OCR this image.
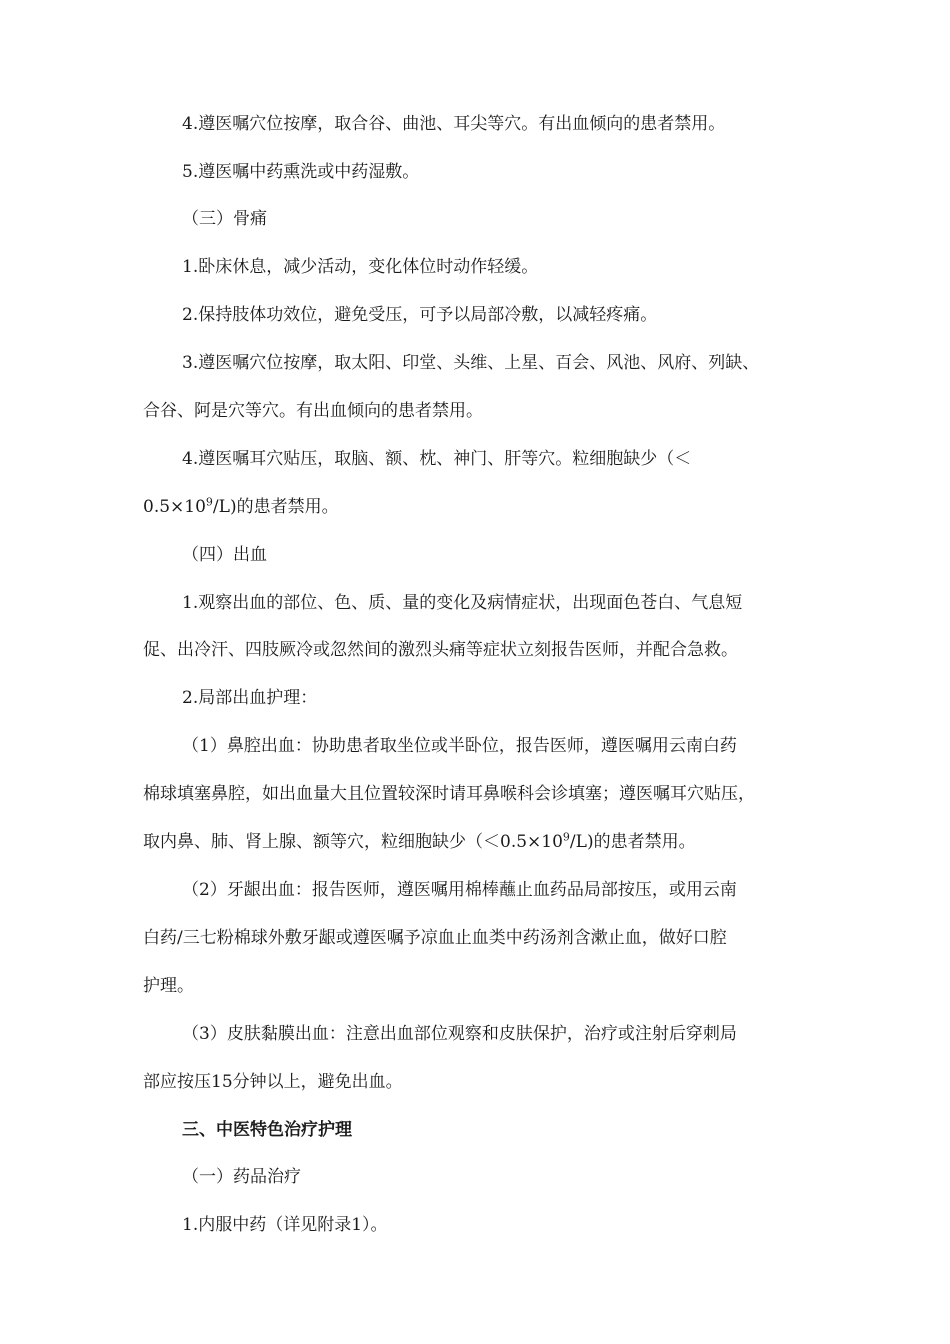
4.遵医嘱穴位按摩，取合谷、曲池、耳尖等穴。有出血倾向的患者禁用。
5.遵医嘱中药熏洗或中药湿敷。
（三）骨痛
1.卧床休息，减少活动，变化体位时动作轻缓。
2.保持肢体功效位，避免受压，可予以局部冷敷，以减轻疼痛。
3.遵医嘱穴位按摩，取太阳、印堂、头维、上星、百会、风池、风府、列缺、
合谷、阿是穴等穴。有出血倾向的患者禁用。
4.遵医嘱耳穴贴压，取脑、额、枕、神门、肝等穴。粒细胞缺少（＜
$0.5\times 10^9/L$)的患者禁用。
（四）出血
1.观察出血的部位、色、质、量的变化及病情症状，出现面色苍白、气息短
促、出冷汗、四肢厥冷或忽然间的激烈头痛等症状立刻报告医师，并配合急救。
2.局部出血护理：
（1）鼻腔出血：协助患者取坐位或半卧位，报告医师，遵医嘱用云南白药
棉球填塞鼻腔，如出血量大且位置较深时请耳鼻喉科会诊填塞；遵医嘱耳穴贴压，
取内鼻、肺、肾上腺、额等穴，粒细胞缺少$(<0.5\times 10^9/L)$的患者禁用。
（2）牙龈出血：报告医师，遵医嘱用棉棒蘸止血药品局部按压，或用云南
白药/三七粉棉球外敷牙龈或遵医嘱予凉血止血类中药汤剂含漱止血，做好口腔
护理。
（3）皮肤黏膜出血：注意出血部位观察和皮肤保护，治疗或注射后穿刺局
部应按压15分钟以上，避免出血。
三、中医特色治疗护理
（一）药品治疗
1.内服中药（详见附录1）。
